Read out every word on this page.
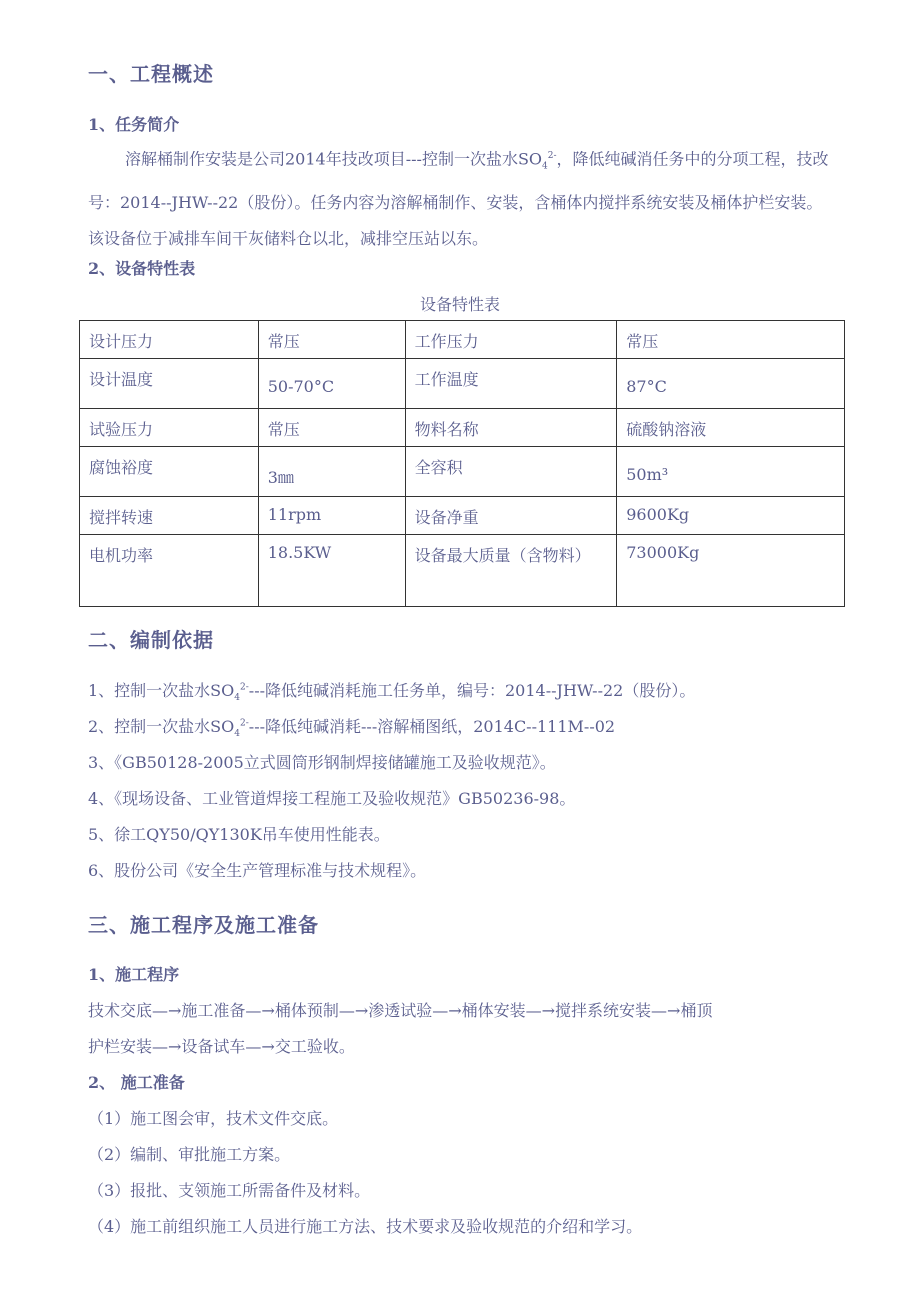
一、工程概述
1、任务简介
溶解桶制作安装是公司2014年技改项目---控制一次盐水$SO_4^{2-}$，降低纯碱消任务中的分项工程，技改号：2014--JHW--22（股份）。任务内容为溶解桶制作、安装，含桶体内搅拌系统安装及桶体护栏安装。该设备位于减排车间干灰储料仓以北，减排空压站以东。
2、设备特性表
设备特性表
设计压力	常压	工作压力	常压
设计温度	50-70°C	工作温度	87°C
试验压力	常压	物料名称	硫酸钠溶液
腐蚀裕度	3㎜	全容积	50m³
搅拌转速	11rpm	设备净重	9600Kg
电机功率	18.5KW	设备最大质量（含物料）	73000Kg
二、编制依据
1、控制一次盐水$SO_4^{2-}---$降低纯碱消耗施工任务单，编号：2014--JHW--22（股份）。
2、控制一次盐水$SO_4^{2-}---$降低纯碱消耗---溶解桶图纸，2014C--111M--02
3、《GB50128-2005立式圆筒形钢制焊接储罐施工及验收规范》。
4、《现场设备、工业管道焊接工程施工及验收规范》GB50236-98。
5、徐工QY50/QY130K吊车使用性能表。
6、股份公司《安全生产管理标准与技术规程》。
三、施工程序及施工准备
1、施工程序
技术交底—→施工准备—→桶体预制—→渗透试验—→桶体安装—→搅拌系统安装—→桶顶
护栏安装—→设备试车—→交工验收。
2、 施工准备
（1）施工图会审，技术文件交底。
（2）编制、审批施工方案。
（3）报批、支领施工所需备件及材料。
（4）施工前组织施工人员进行施工方法、技术要求及验收规范的介绍和学习。
